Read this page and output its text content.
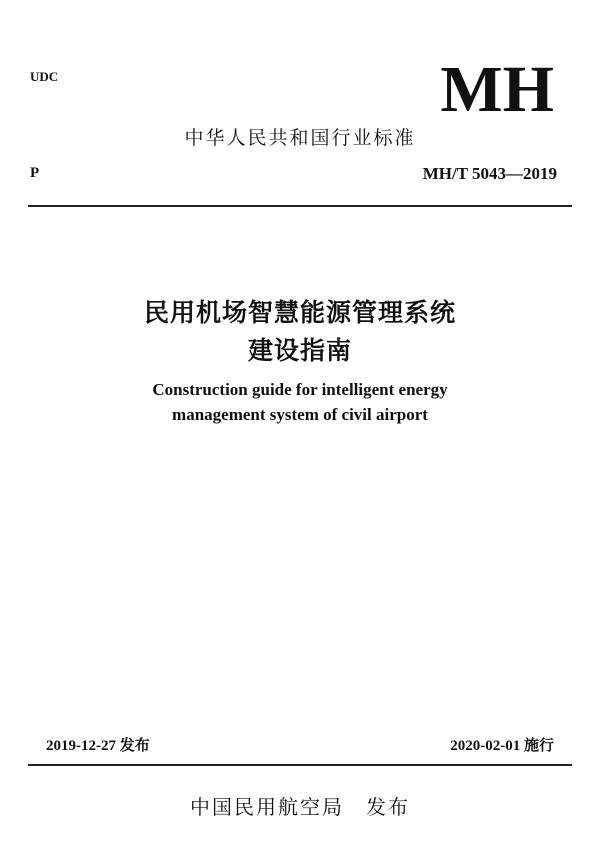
UDC	MH
中华人民共和国行业标准
P	MH/T 5043—2019
民用机场智慧能源管理系统
建设指南
Construction guide for intelligent energy
management system of civil airport
2019-12-27 发布	2020-02-01 施行
中国民用航空局　发布
